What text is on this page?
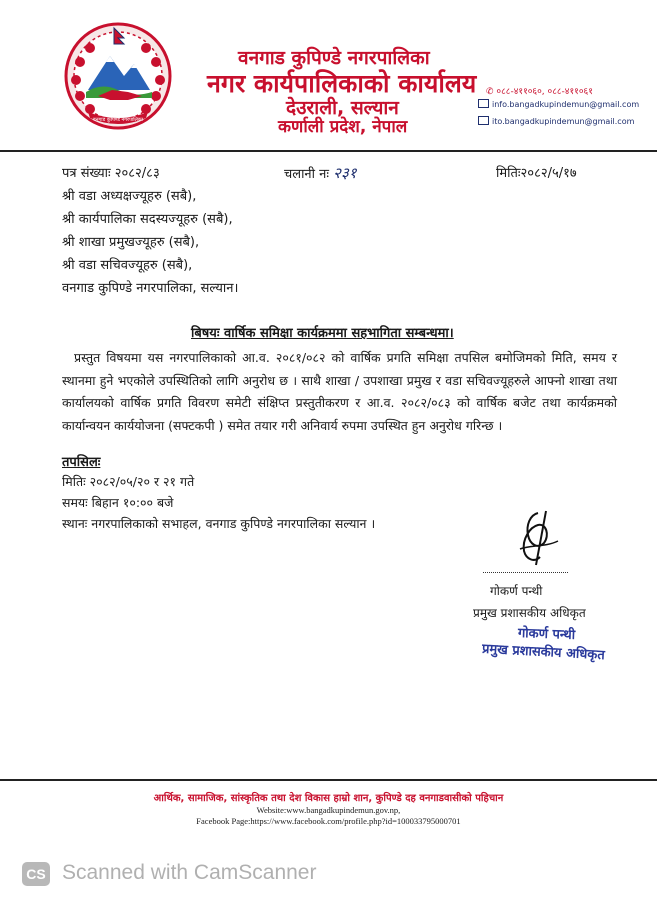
वनगाड कुपिण्डे नगरपालिका
वनगाड कुपिण्डे नगरपालिका
नगर कार्यपालिकाको कार्यालय
देउराली, सल्यान
कर्णाली प्रदेश, नेपाल
✆ ०८८-४११०६०, ०८८-४११०६१
info.bangadkupindemun@gmail.com
ito.bangadkupindemun@gmail.com
पत्र संख्याः २०८२/८३	चलानी नः २३१	मितिः२०८२/५/१७
श्री वडा अध्यक्षज्यूहरु (सबै),
श्री कार्यपालिका सदस्यज्यूहरु (सबै),
श्री शाखा प्रमुखज्यूहरु (सबै),
श्री वडा सचिवज्यूहरु (सबै),
वनगाड कुपिण्डे नगरपालिका, सल्यान।
बिषयः वार्षिक समिक्षा कार्यक्रममा सहभागिता सम्बन्धमा।
प्रस्तुत विषयमा यस नगरपालिकाको आ.व. २०८१/०८२ को वार्षिक प्रगति समिक्षा तपसिल बमोजिमको मिति, समय र स्थानमा हुने भएकोले उपस्थितिको लागि अनुरोध छ । साथै शाखा / उपशाखा प्रमुख र वडा सचिवज्यूहरुले आफ्नो शाखा तथा कार्यालयको वार्षिक प्रगति विवरण समेटी संक्षिप्त प्रस्तुतीकरण र आ.व. २०८२/०८३ को वार्षिक बजेट तथा कार्यक्रमको कार्यान्वयन कार्ययोजना (सफ्टकपी ) समेत तयार गरी अनिवार्य रुपमा उपस्थित हुन अनुरोध गरिन्छ ।
तपसिलः
मितिः २०८२/०५/२० र २१ गते
समयः बिहान १०:०० बजे
स्थानः नगरपालिकाको सभाहल, वनगाड कुपिण्डे नगरपालिका सल्यान ।
गोकर्ण पन्थी
प्रमुख प्रशासकीय अधिकृत
गोकर्ण पन्थी
प्रमुख प्रशासकीय अधिकृत
आर्थिक, सामाजिक, सांस्कृतिक तथा देश विकास हाम्रो शान, कुपिण्डे दह वनगाडवासीको पहिचान
Website:www.bangadkupindemun.gov.np,
Facebook Page:https://www.facebook.com/profile.php?id=100033795000701
CS Scanned with CamScanner
